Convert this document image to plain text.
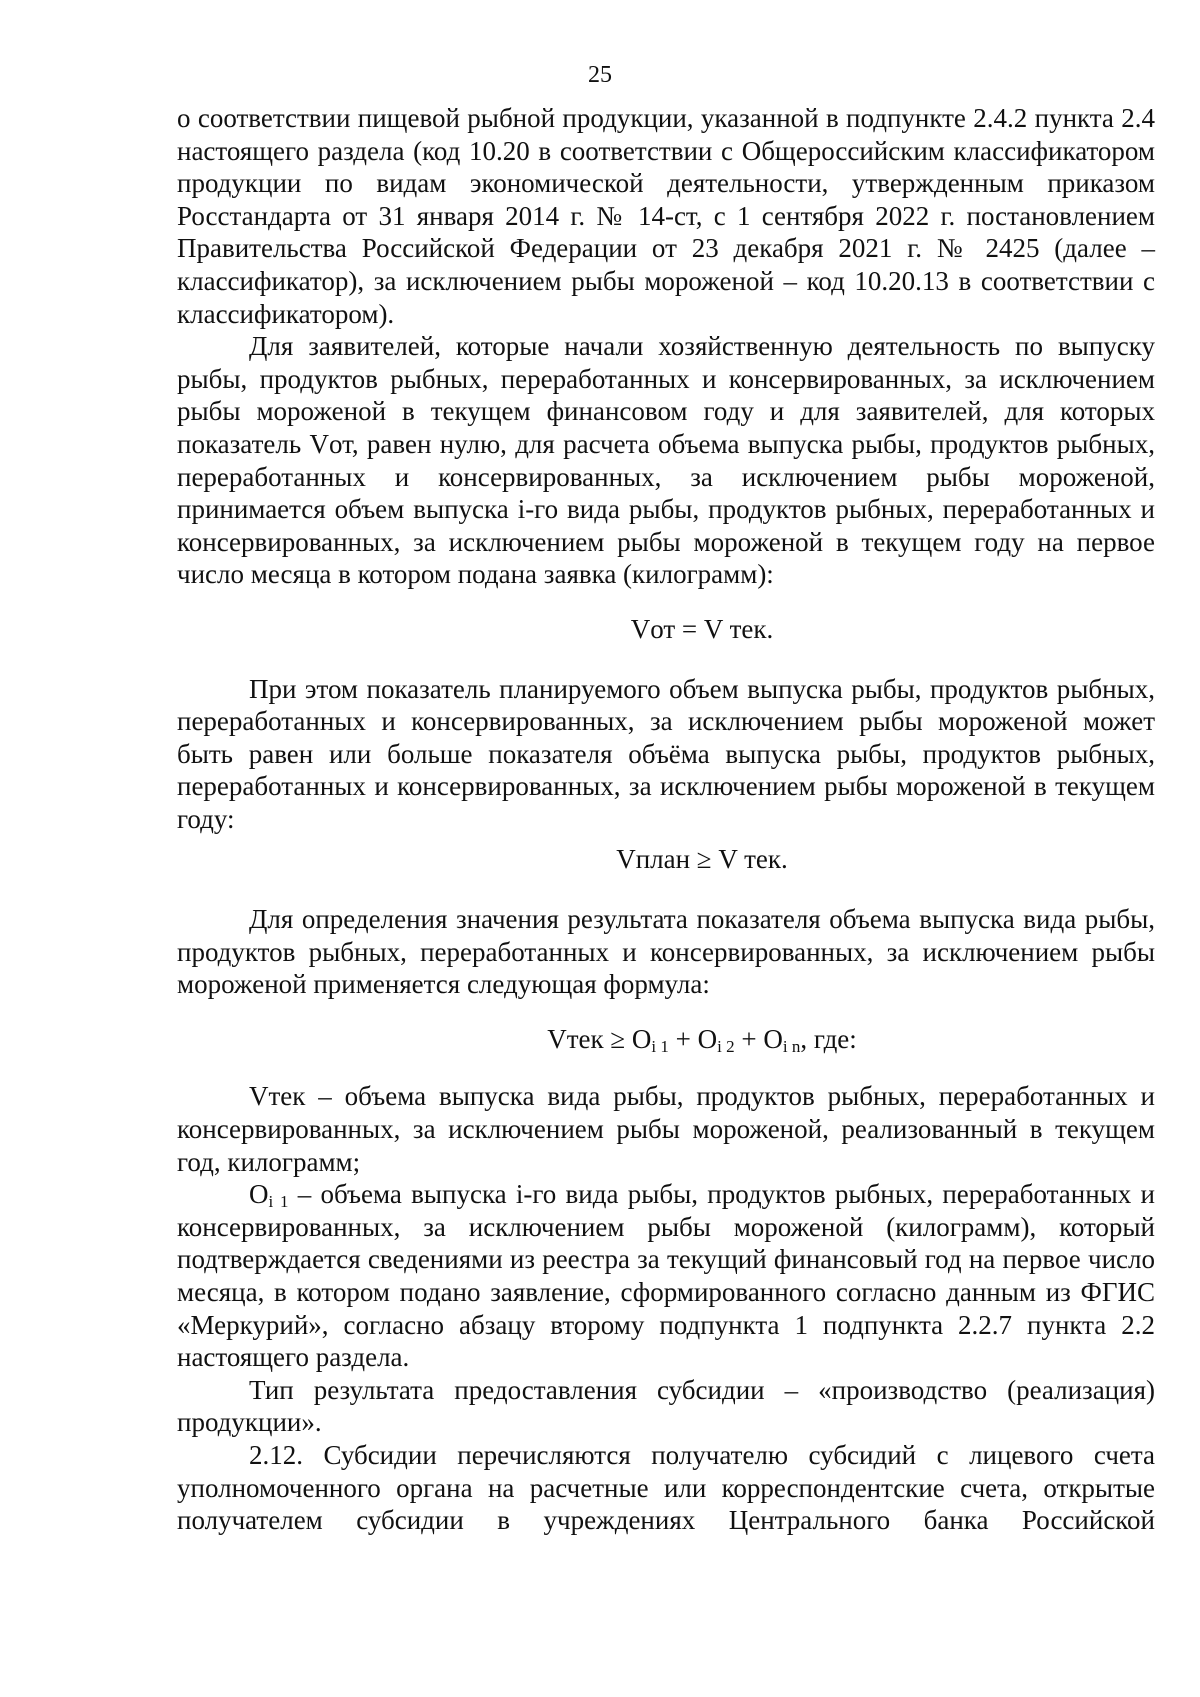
25

о соответствии пищевой рыбной продукции, указанной в подпункте 2.4.2 пункта 2.4 настоящего раздела (код 10.20 в соответствии с Общероссийским классификатором продукции по видам экономической деятельности, утвержденным приказом Росстандарта от 31 января 2014 г. № 14-ст, с 1 сентября 2022 г. постановлением Правительства Российской Федерации от 23 декабря 2021 г. № 2425 (далее – классификатор), за исключением рыбы мороженой – код 10.20.13 в соответствии с классификатором).

Для заявителей, которые начали хозяйственную деятельность по выпуску рыбы, продуктов рыбных, переработанных и консервированных, за исключением рыбы мороженой в текущем финансовом году и для заявителей, для которых показатель Vот, равен нулю, для расчета объема выпуска рыбы, продуктов рыбных, переработанных и консервированных, за исключением рыбы мороженой, принимается объем выпуска i-го вида рыбы, продуктов рыбных, переработанных и консервированных, за исключением рыбы мороженой в текущем году на первое число месяца в котором подана заявка (килограмм):

Vот = V тек.

При этом показатель планируемого объем выпуска рыбы, продуктов рыбных, переработанных и консервированных, за исключением рыбы мороженой может быть равен или больше показателя объёма выпуска рыбы, продуктов рыбных, переработанных и консервированных, за исключением рыбы мороженой в текущем году:

Vплан ≥ V тек.

Для определения значения результата показателя объема выпуска вида рыбы, продуктов рыбных, переработанных и консервированных, за исключением рыбы мороженой применяется следующая формула:

Vтек ≥ $О_{i 1} + О_{i 2} + О_{i n}$, где:

Vтек – объема выпуска вида рыбы, продуктов рыбных, переработанных и консервированных, за исключением рыбы мороженой, реализованный в текущем год, килограмм;

$О_{i 1}$ – объема выпуска i-го вида рыбы, продуктов рыбных, переработанных и консервированных, за исключением рыбы мороженой (килограмм), который подтверждается сведениями из реестра за текущий финансовый год на первое число месяца, в котором подано заявление, сформированного согласно данным из ФГИС «Меркурий», согласно абзацу второму подпункта 1 подпункта 2.2.7 пункта 2.2 настоящего раздела.

Тип результата предоставления субсидии – «производство (реализация) продукции».

2.12. Субсидии перечисляются получателю субсидий с лицевого счета уполномоченного органа на расчетные или корреспондентские счета, открытые получателем субсидии в учреждениях Центрального банка Российской
